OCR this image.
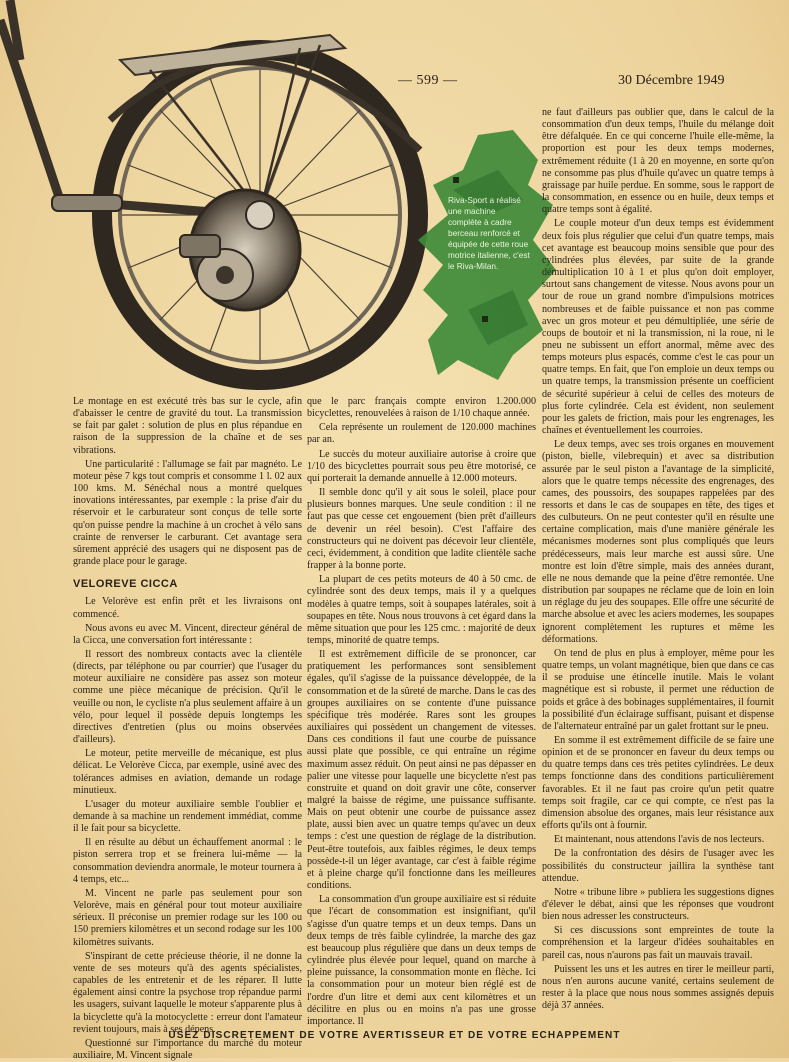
Riva-Sport a réalisé une machine complète à cadre berceau renforcé et équipée de cette roue motrice italienne, c'est le Riva-Milan.
— 599 —	30 Décembre 1949

Le montage en est exécuté très bas sur le cycle, afin d'abaisser le centre de gravité du tout. La transmission se fait par galet : solution de plus en plus répandue en raison de la suppression de la chaîne et de ses vibrations.

Une particularité : l'allumage se fait par magnéto. Le moteur pèse 7 kgs tout compris et consomme 1 l. 02 aux 100 kms. M. Sénéchal nous a montré quelques inovations intéressantes, par exemple : la prise d'air du réservoir et le carburateur sont conçus de telle sorte qu'on puisse pendre la machine à un crochet à vélo sans crainte de renverser le carburant. Cet avantage sera sûrement apprécié des usagers qui ne disposent pas de grande place pour le garage.

VELOREVE CICCA

Le Velorève est enfin prêt et les livraisons ont commencé.

Nous avons eu avec M. Vincent, directeur général de la Cicca, une conversation fort intéressante :

Il ressort des nombreux contacts avec la clientèle (directs, par téléphone ou par courrier) que l'usager du moteur auxiliaire ne considère pas assez son moteur comme une pièce mécanique de précision. Qu'il le veuille ou non, le cycliste n'a plus seulement affaire à un vélo, pour lequel il possède depuis longtemps les directives d'entretien (plus ou moins observées d'ailleurs).

Le moteur, petite merveille de mécanique, est plus délicat. Le Velorève Cicca, par exemple, usiné avec des tolérances admises en aviation, demande un rodage minutieux.

L'usager du moteur auxiliaire semble l'oublier et demande à sa machine un rendement immédiat, comme il le fait pour sa bicyclette.

Il en résulte au début un échauffement anormal : le piston serrera trop et se freinera lui-même — la consommation deviendra anormale, le moteur tournera à 4 temps, etc...

M. Vincent ne parle pas seulement pour son Velorève, mais en général pour tout moteur auxiliaire sérieux. Il préconise un premier rodage sur les 100 ou 150 premiers kilomètres et un second rodage sur les 100 kilomètres suivants.

S'inspirant de cette précieuse théorie, il ne donne la vente de ses moteurs qu'à des agents spécialistes, capables de les entretenir et de les réparer. Il lutte également ainsi contre la psychose trop répandue parmi les usagers, suivant laquelle le moteur s'apparente plus à la bicyclette qu'à la motocyclette : erreur dont l'amateur revient toujours, mais à ses dépens.

Questionné sur l'importance du marché du moteur auxiliaire, M. Vincent signale

que le parc français compte environ 1.200.000 bicyclettes, renouvelées à raison de 1/10 chaque année.

Cela représente un roulement de 120.000 machines par an.

Le succès du moteur auxiliaire autorise à croire que 1/10 des bicyclettes pourrait sous peu être motorisé, ce qui porterait la demande annuelle à 12.000 moteurs.

Il semble donc qu'il y ait sous le soleil, place pour plusieurs bonnes marques. Une seule condition : il ne faut pas que cesse cet engouement (bien prêt d'ailleurs de devenir un réel besoin). C'est l'affaire des constructeurs qui ne doivent pas décevoir leur clientèle, ceci, évidemment, à condition que ladite clientèle sache frapper à la bonne porte.

La plupart de ces petits moteurs de 40 à 50 cmc. de cylindrée sont des deux temps, mais il y a quelques modèles à quatre temps, soit à soupapes latérales, soit à soupapes en tête. Nous nous trouvons à cet égard dans la même situation que pour les 125 cmc. : majorité de deux temps, minorité de quatre temps.

Il est extrêmement difficile de se prononcer, car pratiquement les performances sont sensiblement égales, qu'il s'agisse de la puissance développée, de la consommation et de la sûreté de marche. Dans le cas des groupes auxiliaires on se contente d'une puissance spécifique très modérée. Rares sont les groupes auxiliaires qui possèdent un changement de vitesses. Dans ces conditions il faut une courbe de puissance aussi plate que possible, ce qui entraîne un régime maximum assez réduit. On peut ainsi ne pas dépasser en palier une vitesse pour laquelle une bicyclette n'est pas construite et quand on doit gravir une côte, conserver malgré la baisse de régime, une puissance suffisante. Mais on peut obtenir une courbe de puissance assez plate, aussi bien avec un quatre temps qu'avec un deux temps : c'est une question de réglage de la distribution. Peut-être toutefois, aux faibles régimes, le deux temps possède-t-il un léger avantage, car c'est à faible régime et à pleine charge qu'il fonctionne dans les meilleures conditions.

La consommation d'un groupe auxiliaire est si réduite que l'écart de consommation est insignifiant, qu'il s'agisse d'un quatre temps et un deux temps. Dans un deux temps de très faible cylindrée, la marche des gaz est beaucoup plus régulière que dans un deux temps de cylindrée plus élevée pour lequel, quand on marche à pleine puissance, la consommation monte en flèche. Ici la consommation pour un moteur bien réglé est de l'ordre d'un litre et demi aux cent kilomètres et un décilitre en plus ou en moins n'a pas une grosse importance. Il

ne faut d'ailleurs pas oublier que, dans le calcul de la consommation d'un deux temps, l'huile du mélange doit être défalquée. En ce qui concerne l'huile elle-même, la proportion est pour les deux temps modernes, extrêmement réduite (1 à 20 en moyenne, en sorte qu'on ne consomme pas plus d'huile qu'avec un quatre temps à graissage par huile perdue. En somme, sous le rapport de la consommation, en essence ou en huile, deux temps et quatre temps sont à égalité.

Le couple moteur d'un deux temps est évidemment deux fois plus régulier que celui d'un quatre temps, mais cet avantage est beaucoup moins sensible que pour des cylindrées plus élevées, par suite de la grande démultiplication 10 à 1 et plus qu'on doit employer, surtout sans changement de vitesse. Nous avons pour un tour de roue un grand nombre d'impulsions motrices nombreuses et de faible puissance et non pas comme avec un gros moteur et peu démultipliée, une série de coups de boutoir et ni la transmission, ni la roue, ni le pneu ne subissent un effort anormal, même avec des temps moteurs plus espacés, comme c'est le cas pour un quatre temps. En fait, que l'on emploie un deux temps ou un quatre temps, la transmission présente un coefficient de sécurité supérieur à celui de celles des moteurs de plus forte cylindrée. Cela est évident, non seulement pour les galets de friction, mais pour les engrenages, les chaînes et éventuellement les courroies.

Le deux temps, avec ses trois organes en mouvement (piston, bielle, vilebrequin) et avec sa distribution assurée par le seul piston a l'avantage de la simplicité, alors que le quatre temps nécessite des engrenages, des cames, des poussoirs, des soupapes rappelées par des ressorts et dans le cas de soupapes en tête, des tiges et des culbuteurs. On ne peut contester qu'il en résulte une certaine complication, mais d'une manière générale les mécanismes modernes sont plus compliqués que leurs prédécesseurs, mais leur marche est aussi sûre. Une montre est loin d'être simple, mais des années durant, elle ne nous demande que la peine d'être remontée. Une distribution par soupapes ne réclame que de loin en loin un réglage du jeu des soupapes. Elle offre une sécurité de marche absolue et avec les aciers modernes, les soupapes ignorent complètement les ruptures et même les déformations.

On tend de plus en plus à employer, même pour les quatre temps, un volant magnétique, bien que dans ce cas il se produise une étincelle inutile. Mais le volant magnétique est si robuste, il permet une réduction de poids et grâce à des bobinages supplémentaires, il fournit la possibilité d'un éclairage suffisant, puisant et dispense de l'alternateur entraîné par un galet frottant sur le pneu.

En somme il est extrêmement difficile de se faire une opinion et de se prononcer en faveur du deux temps ou du quatre temps dans ces très petites cylindrées. Le deux temps fonctionne dans des conditions particulièrement favorables. Et il ne faut pas croire qu'un petit quatre temps soit fragile, car ce qui compte, ce n'est pas la dimension absolue des organes, mais leur résistance aux efforts qu'ils ont à fournir.

Et maintenant, nous attendons l'avis de nos lecteurs.

De la confrontation des désirs de l'usager avec les possibilités du constructeur jaillira la synthèse tant attendue.

Notre « tribune libre » publiera les suggestions dignes d'élever le débat, ainsi que les réponses que voudront bien nous adresser les constructeurs.

Si ces discussions sont empreintes de toute la compréhension et la largeur d'idées souhaitables en pareil cas, nous n'aurons pas fait un mauvais travail.

Puissent les uns et les autres en tirer le meilleur parti, nous n'en aurons aucune vanité, certains seulement de rester à la place que nous nous sommes assignés depuis déjà 37 années.

USEZ DISCRETEMENT DE VOTRE AVERTISSEUR ET DE VOTRE ECHAPPEMENT
